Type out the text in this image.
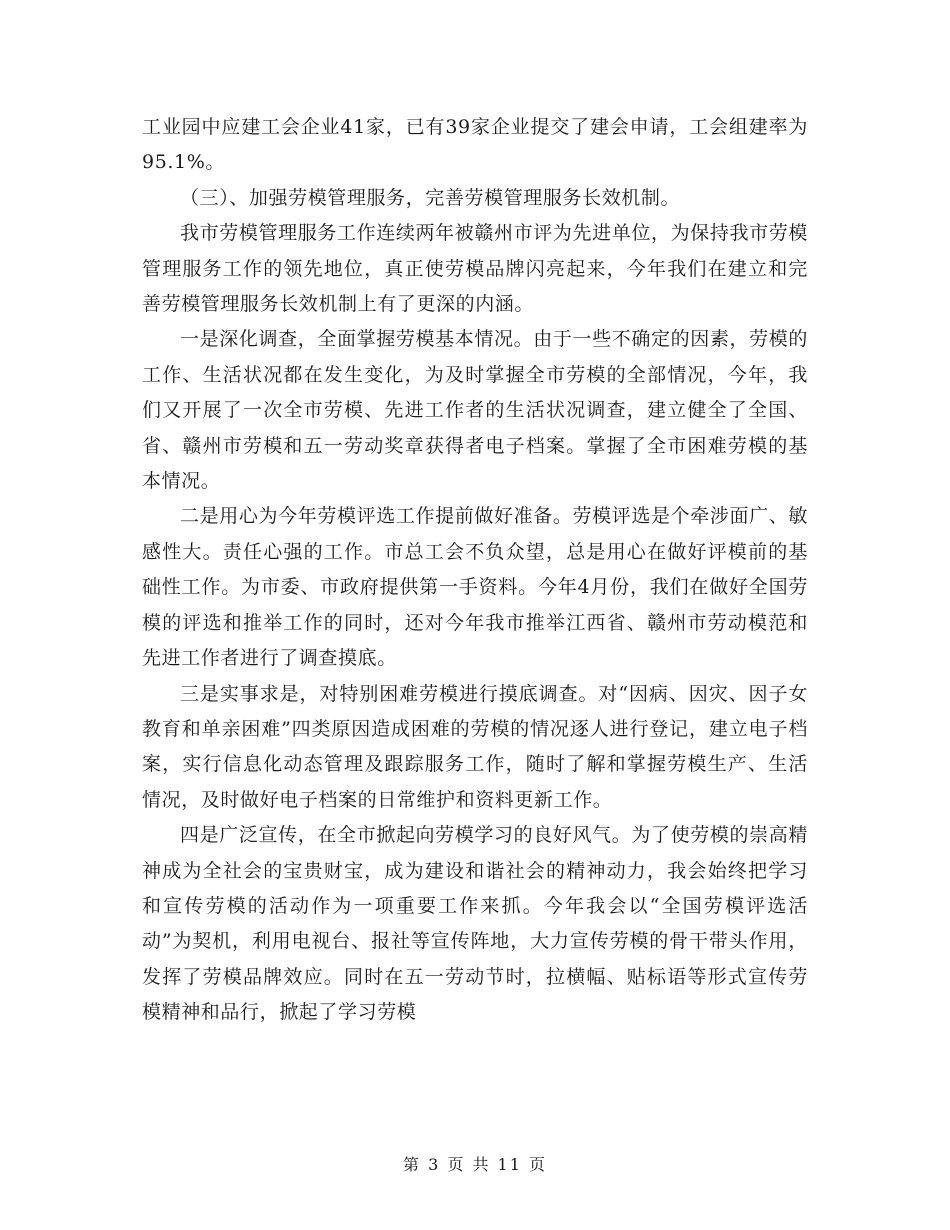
工业园中应建工会企业41家，已有39家企业提交了建会申请，工会组建率为95.1%。

（三）、加强劳模管理服务，完善劳模管理服务长效机制。

我市劳模管理服务工作连续两年被赣州市评为先进单位，为保持我市劳模管理服务工作的领先地位，真正使劳模品牌闪亮起来，今年我们在建立和完善劳模管理服务长效机制上有了更深的内涵。

一是深化调查，全面掌握劳模基本情况。由于一些不确定的因素，劳模的工作、生活状况都在发生变化，为及时掌握全市劳模的全部情况，今年，我们又开展了一次全市劳模、先进工作者的生活状况调查，建立健全了全国、省、赣州市劳模和五一劳动奖章获得者电子档案。掌握了全市困难劳模的基本情况。

二是用心为今年劳模评选工作提前做好准备。劳模评选是个牵涉面广、敏感性大。责任心强的工作。市总工会不负众望，总是用心在做好评模前的基础性工作。为市委、市政府提供第一手资料。今年4月份，我们在做好全国劳模的评选和推举工作的同时，还对今年我市推举江西省、赣州市劳动模范和先进工作者进行了调查摸底。

三是实事求是，对特别困难劳模进行摸底调查。对“因病、因灾、因子女教育和单亲困难”四类原因造成困难的劳模的情况逐人进行登记，建立电子档案，实行信息化动态管理及跟踪服务工作，随时了解和掌握劳模生产、生活情况，及时做好电子档案的日常维护和资料更新工作。

四是广泛宣传，在全市掀起向劳模学习的良好风气。为了使劳模的崇高精神成为全社会的宝贵财宝，成为建设和谐社会的精神动力，我会始终把学习和宣传劳模的活动作为一项重要工作来抓。今年我会以“全国劳模评选活动”为契机，利用电视台、报社等宣传阵地，大力宣传劳模的骨干带头作用，发挥了劳模品牌效应。同时在五一劳动节时，拉横幅、贴标语等形式宣传劳模精神和品行，掀起了学习劳模

第 3 页 共 11 页
